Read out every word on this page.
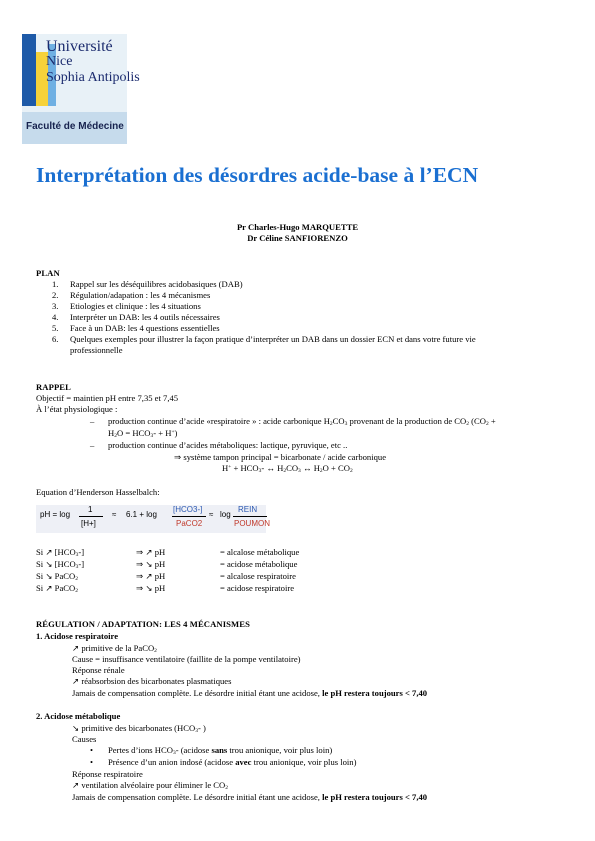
Université
Nice
Sophia Antipolis
Faculté de Médecine
Interprétation des désordres acide-base à l’ECN
Pr Charles-Hugo MARQUETTE
Dr Céline SANFIORENZO
PLAN
1. Rappel sur les déséquilibres acidobasiques (DAB)
2. Régulation/adapation : les 4 mécanismes
3. Etiologies et clinique : les 4 situations
4. Interpréter un DAB: les 4 outils nécessaires
5. Face à un DAB: les 4 questions essentielles
6. Quelques exemples pour illustrer la façon pratique d’interpréter un DAB dans un dossier ECN et dans votre future vie
professionnelle
RAPPEL
Objectif = maintien pH entre 7,35 et 7,45
À l’état physiologique :
– production continue d’acide «respiratoire » : acide carbonique $H_2CO_3$ provenant de la production de $CO_2$ ($CO_2$ +
$H_2O = HCO_3- + H^+$)
– production continue d’acides métaboliques: lactique, pyruvique, etc ..
⇒ système tampon principal = bicarbonate / acide carbonique
$H^+ + HCO_3-$ ↔ $H_2CO_3$ ↔ $H_2O + CO_2$
Equation d’Henderson Hasselbalch:
pH = log
1
[H+]
≈ 6.1 + log
[HCO3-]
PaCO2
≈ log
REIN
POUMON
Si ↗ $[HCO_3-]$	⇒ ↗ pH	= alcalose métabolique
Si ↘ $[HCO_3-]$	⇒ ↘ pH	= acidose métabolique
Si ↘ PaCO$_2$	⇒ ↗ pH	= alcalose respiratoire
Si ↗ PaCO$_2$	⇒ ↘ pH	= acidose respiratoire
RÉGULATION / ADAPTATION: LES 4 MÉCANISMES
1. Acidose respiratoire
↗ primitive de la PaCO$_2$
Cause = insuffisance ventilatoire (faillite de la pompe ventilatoire)
Réponse rénale
↗ réabsorbsion des bicarbonates plasmatiques
Jamais de compensation complète. Le désordre initial étant une acidose, le pH restera toujours < 7,40
2. Acidose métabolique
↘ primitive des bicarbonates ($HCO_3-$ )
Causes
• Pertes d’ions $HCO_3-$ (acidose sans trou anionique, voir plus loin)
• Présence d’un anion indosé (acidose avec trou anionique, voir plus loin)
Réponse respiratoire
↗ ventilation alvéolaire pour éliminer le $CO_2$
Jamais de compensation complète. Le désordre initial étant une acidose, le pH restera toujours < 7,40
